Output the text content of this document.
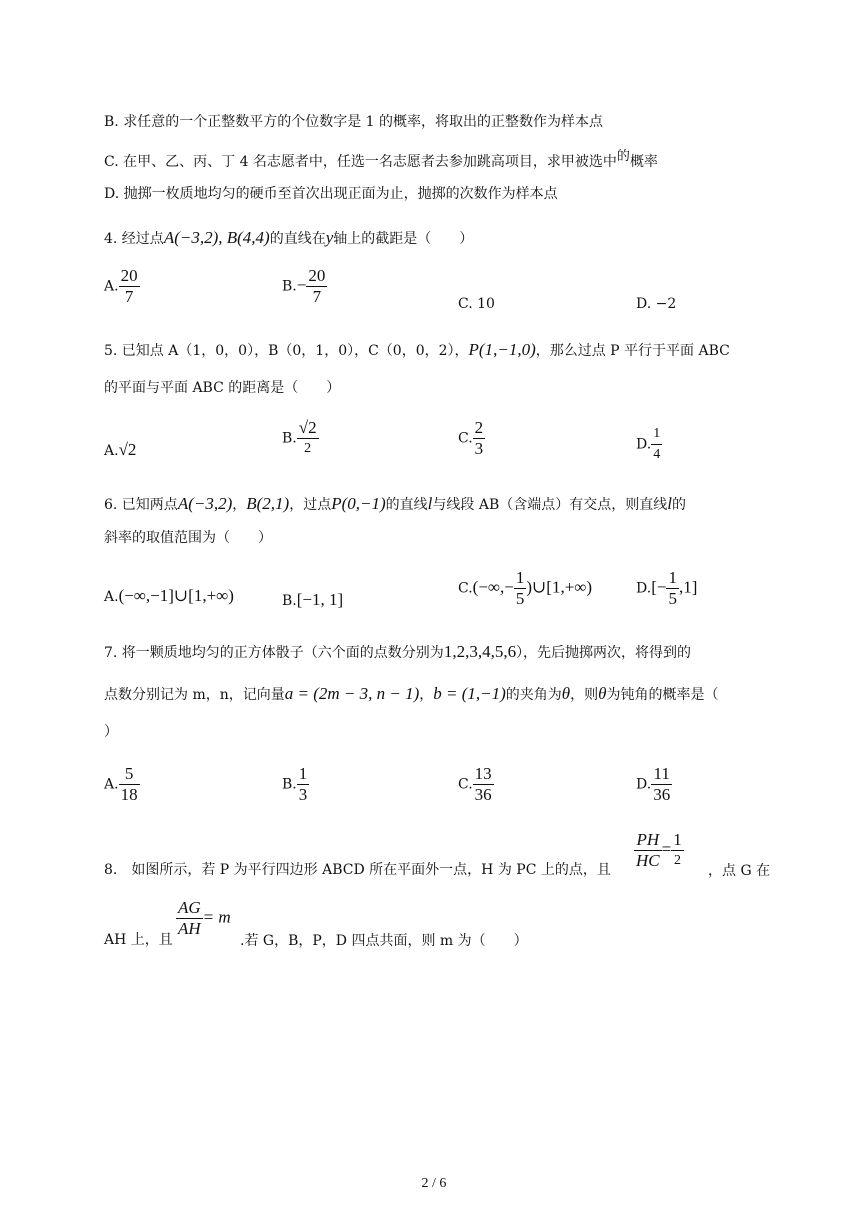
B. 求任意的一个正整数平方的个位数字是 1 的概率，将取出的正整数作为样本点
C. 在甲、乙、丙、丁 4 名志愿者中，任选一名志愿者去参加跳高项目，求甲被选中的概率
D. 抛掷一枚质地均匀的硬币至首次出现正面为止，抛掷的次数作为样本点
4. 经过点A(−3,2), B(4,4)的直线在y轴上的截距是（　　）
A. $\frac{20}{7}$	$B.- \frac{20}{7}$	C. 10	D. −2
5. 已知点 A（1，0，0），B（0，1，0），C（0，0，2），P(1,−1,0)，那么过点 P 平行于平面 ABC
的平面与平面 ABC 的距离是（　　）
A.√2
B. $\frac{√2}{2}$	C. $\frac{2}{3}$	D. $\frac{1}{4}$
6. 已知两点A(−3,2)，B(2,1)，过点P(0,−1)的直线l与线段 AB（含端点）有交点，则直线l的
斜率的取值范围为（　　）
A.(−∞,−1]∪[1,+∞)	B.[−1, 1]
$C.(-\infty,- \frac{1}{5}$ )∪[1,+∞)	$D.[- \frac{1}{5} ,1]$
7. 将一颗质地均匀的正方体骰子（六个面的点数分别为1,2,3,4,5,6），先后抛掷两次，将得到的
点数分别记为 m，n，记向量a = (2m − 3, n − 1)，b = (1,−1)的夹角为θ，则θ为钝角的概率是（
）
A. $\frac{5}{18}$	B. $\frac{1}{3}$	C. $\frac{13}{36}$	D. $\frac{11}{36}$
8.　如图所示，若 P 为平行四边形 ABCD 所在平面外一点，H 为 PC 上的点，且 $\frac{PH}{HC} = \frac{1}{2}$ ，点 G 在
AH 上，且
$\frac{AG}{AH} = m$
.若 G，B，P，D 四点共面，则 m 为（　　）
2 / 6
